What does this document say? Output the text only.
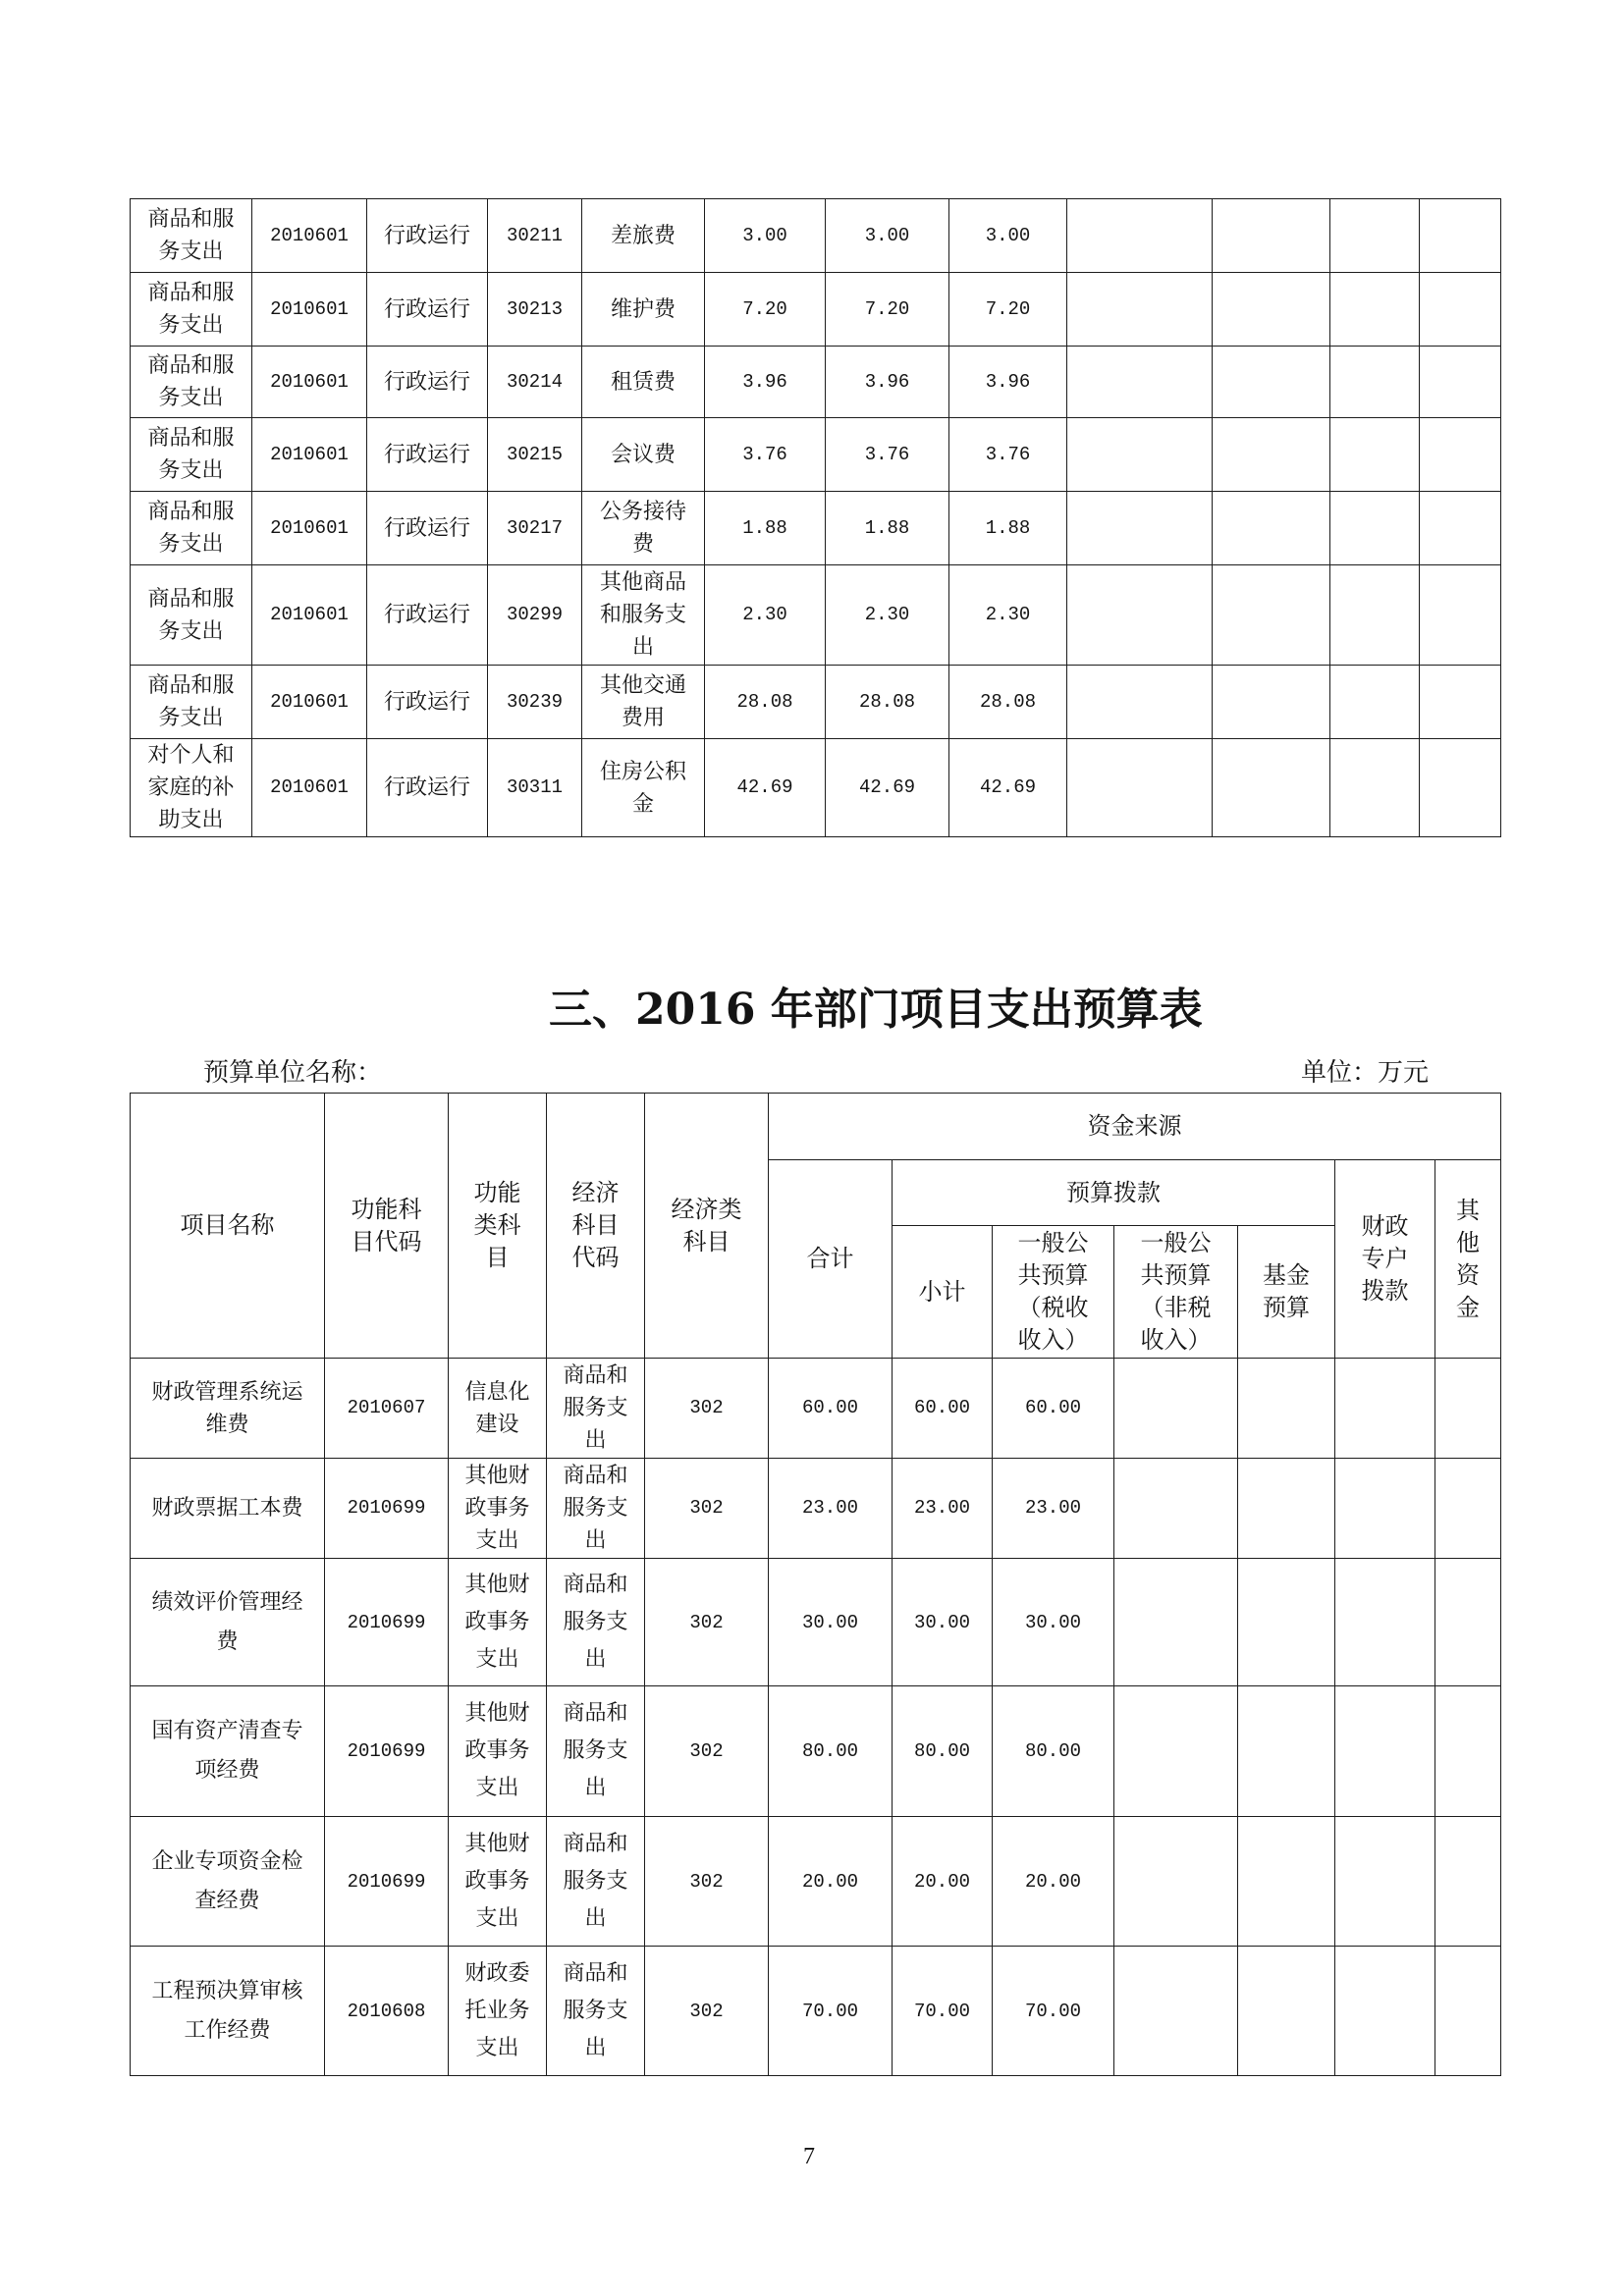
商品和服务支出	2010601	行政运行	30211	差旅费	3.00	3.00	3.00				

商品和服务支出	2010601	行政运行	30213	维护费	7.20	7.20	7.20				

商品和服务支出	2010601	行政运行	30214	租赁费	3.96	3.96	3.96				

商品和服务支出	2010601	行政运行	30215	会议费	3.76	3.76	3.76				

商品和服务支出	2010601	行政运行	30217	公务接待费	1.88	1.88	1.88				

商品和服务支出	2010601	行政运行	30299	其他商品和服务支出	2.30	2.30	2.30				

商品和服务支出	2010601	行政运行	30239	其他交通费用	28.08	28.08	28.08				

对个人和家庭的补助支出	2010601	行政运行	30311	住房公积金	42.69	42.69	42.69				

三、2016 年部门项目支出预算表
预算单位名称：	单位：万元
项目名称	功能科目代码	功能类科目	经济科目代码	经济类科目	资金来源						

					合计	预算拨款				财政专户拨款	其他资金

						小计	一般公共预算（税收收入）	一般公共预算（非税收入）	基金预算		

财政管理系统运维费	2010607	信息化建设	商品和服务支出	302	60.00	60.00	60.00				

财政票据工本费	2010699	其他财政事务支出	商品和服务支出	302	23.00	23.00	23.00				

绩效评价管理经费	2010699	其他财政事务支出	商品和服务支出	302	30.00	30.00	30.00				

国有资产清查专项经费	2010699	其他财政事务支出	商品和服务支出	302	80.00	80.00	80.00				

企业专项资金检查经费	2010699	其他财政事务支出	商品和服务支出	302	20.00	20.00	20.00				

工程预决算审核工作经费	2010608	财政委托业务支出	商品和服务支出	302	70.00	70.00	70.00				

7
